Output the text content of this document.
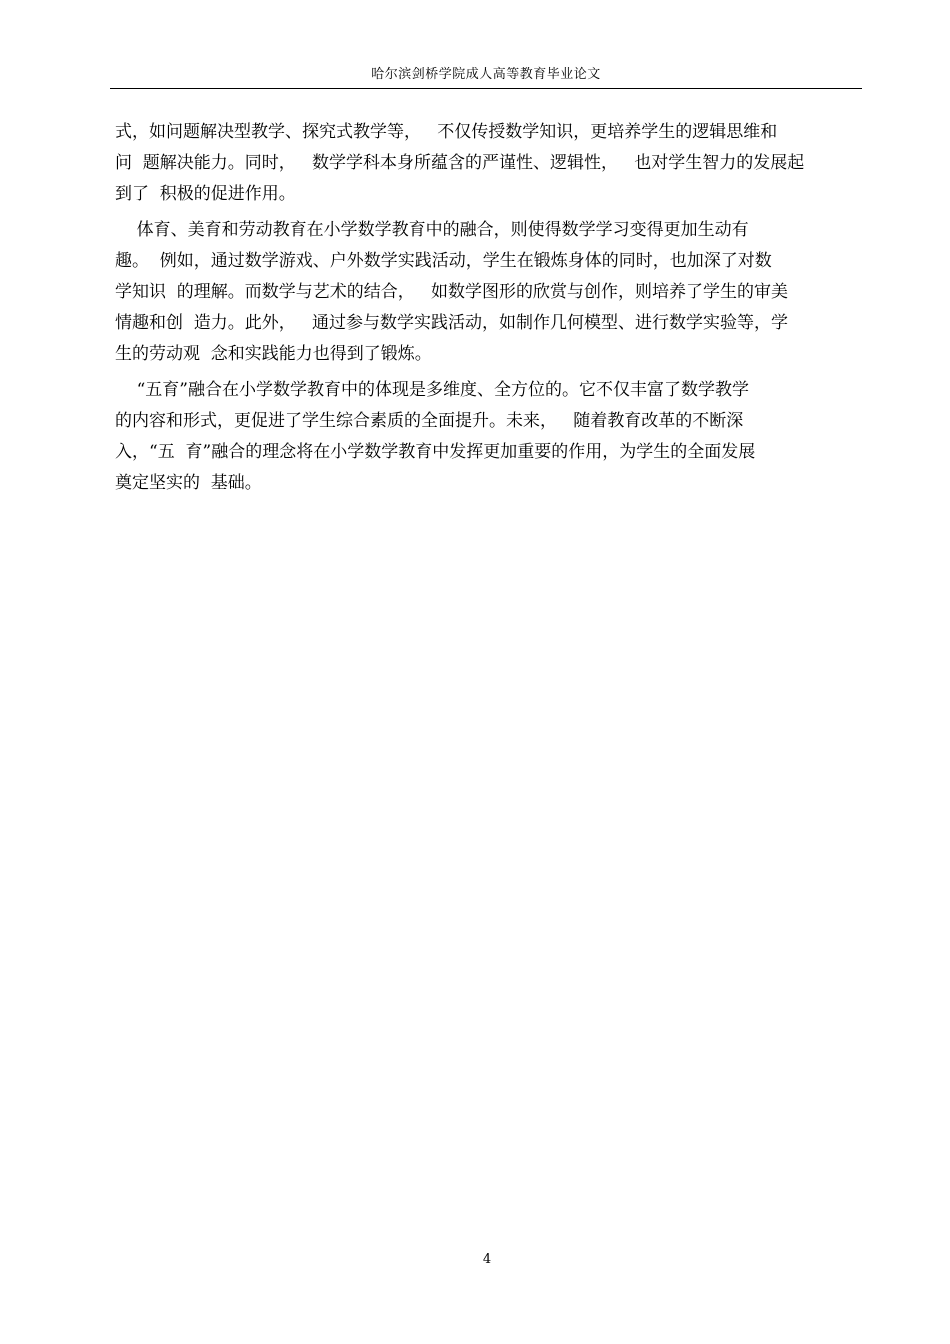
哈尔滨剑桥学院成人高等教育毕业论文
式，如问题解决型教学、探究式教学等，   不仅传授数学知识，更培养学生的逻辑思维和
问  题解决能力。同时，   数学学科本身所蕴含的严谨性、逻辑性，   也对学生智力的发展起
到了  积极的促进作用。
体育、美育和劳动教育在小学数学教育中的融合，则使得数学学习变得更加生动有
趣。  例如，通过数学游戏、户外数学实践活动，学生在锻炼身体的同时，也加深了对数
学知识  的理解。而数学与艺术的结合，   如数学图形的欣赏与创作，则培养了学生的审美
情趣和创  造力。此外，   通过参与数学实践活动，如制作几何模型、进行数学实验等，学
生的劳动观  念和实践能力也得到了锻炼。
“五育”融合在小学数学教育中的体现是多维度、全方位的。它不仅丰富了数学教学
的内容和形式，更促进了学生综合素质的全面提升。未来，   随着教育改革的不断深
入，“五  育”融合的理念将在小学数学教育中发挥更加重要的作用，为学生的全面发展
奠定坚实的  基础。
4
